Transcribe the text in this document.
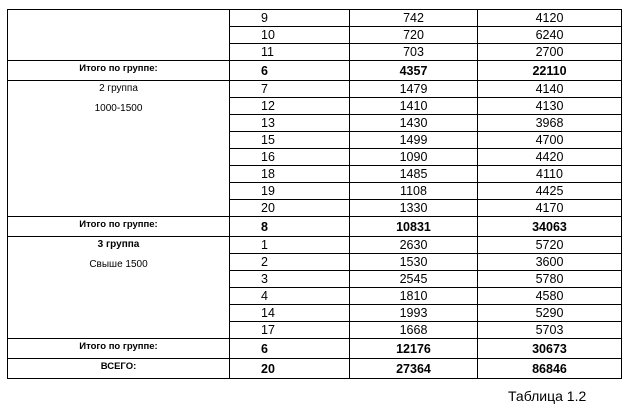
	9	742	4120
	10	720	6240
	11	703	2700
Итого по группе:	6	4357	22110

2 группа
1000-1500	7	1479	4140
	12	1410	4130
	13	1430	3968
	15	1499	4700
	16	1090	4420
	18	1485	4110
	19	1108	4425
	20	1330	4170
Итого по группе:	8	10831	34063

3 группа
Свыше 1500	1	2630	5720
	2	1530	3600
	3	2545	5780
	4	1810	4580
	14	1993	5290
	17	1668	5703
Итого по группе:	6	12176	30673
ВСЕГО:	20	27364	86846
Таблица 1.2
